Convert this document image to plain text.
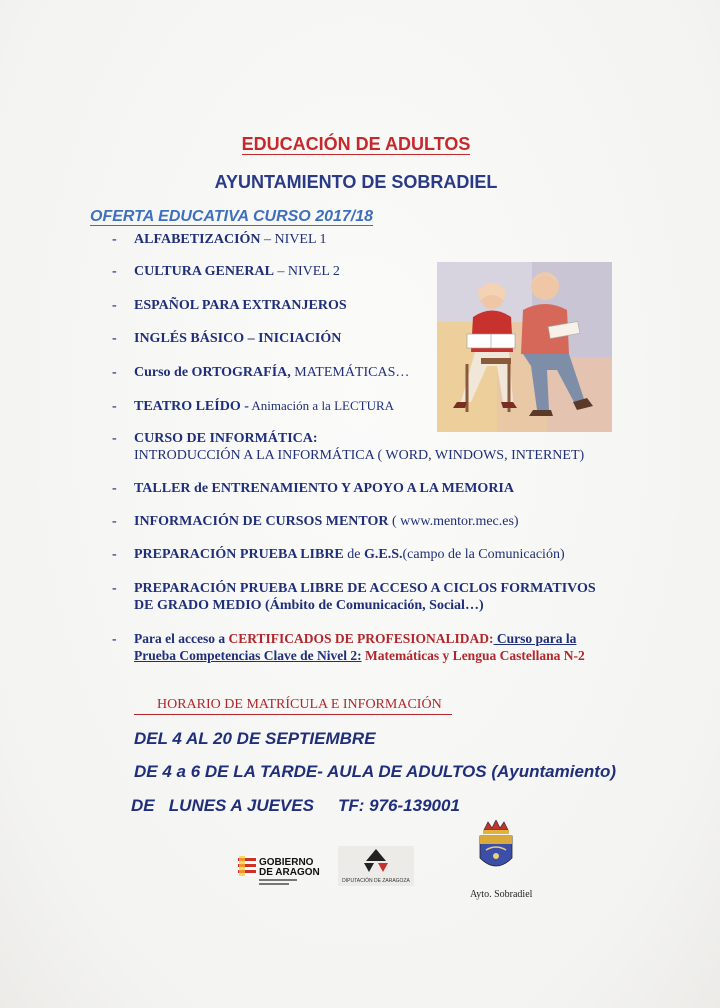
EDUCACIÓN DE ADULTOS
AYUNTAMIENTO DE SOBRADIEL
OFERTA EDUCATIVA CURSO 2017/18
- ALFABETIZACIÓN – NIVEL 1
- CULTURA GENERAL – NIVEL 2
- ESPAÑOL PARA EXTRANJEROS
- INGLÉS BÁSICO – INICIACIÓN
- Curso de ORTOGRAFÍA, MATEMÁTICAS…
- TEATRO LEÍDO - Animación a la LECTURA
- CURSO DE INFORMÁTICA:
INTRODUCCIÓN A LA INFORMÁTICA ( WORD, WINDOWS, INTERNET)
- TALLER de ENTRENAMIENTO Y APOYO A LA MEMORIA
- INFORMACIÓN DE CURSOS MENTOR ( www.mentor.mec.es)
- PREPARACIÓN PRUEBA LIBRE de G.E.S.(campo de la Comunicación)
- PREPARACIÓN PRUEBA LIBRE DE ACCESO A CICLOS FORMATIVOS
DE GRADO MEDIO (Ámbito de Comunicación, Social…)
- Para el acceso a CERTIFICADOS DE PROFESIONALIDAD: Curso para la
Prueba Competencias Clave de Nivel 2: Matemáticas y Lengua Castellana N-2
HORARIO DE MATRÍCULA E INFORMACIÓN
DEL 4 AL 20 DE SEPTIEMBRE
DE 4 a 6 DE LA TARDE- AULA DE ADULTOS (Ayuntamiento)
DE   LUNES A JUEVES TF: 976-139001
GOBIERNO
DE ARAGON
DIPUTACIÓN DE ZARAGOZA
Ayto. Sobradiel
